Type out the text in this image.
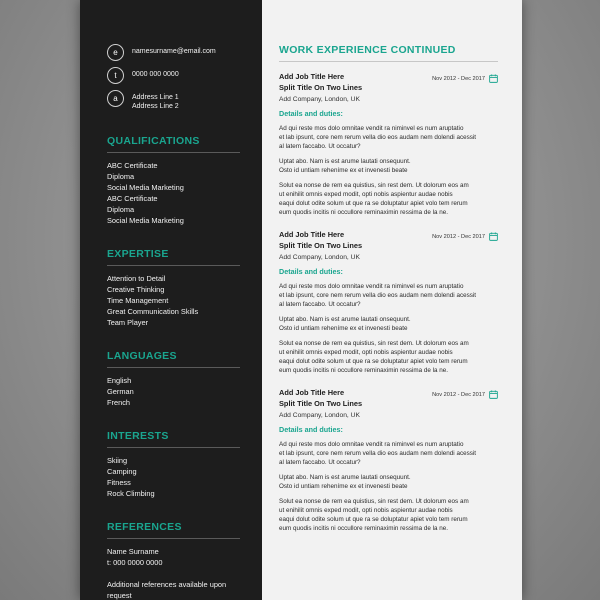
e	namesurname@email.com
t	0000 000 0000
a	Address Line 1
Address Line 2
QUALIFICATIONS
ABC Certificate
Diploma
Social Media Marketing
ABC Certificate
Diploma
Social Media Marketing
EXPERTISE
Attention to Detail
Creative Thinking
Time Management
Great Communication Skills
Team Player
LANGUAGES
English
German
French
INTERESTS
Skiing
Camping
Fitness
Rock Climbing
REFERENCES
Name Surname
t: 000 0000 0000
Additional references available upon
request
WORK EXPERIENCE CONTINUED
Add Job Title Here
Split Title On Two Lines
Nov 2012 - Dec 2017
Add Company, London, UK
Details and duties:
Ad qui reste mos dolo omnitae vendit ra niminvel es num aruptatio
et lab ipsunt, core nem rerum vella dio eos audam nem dolendi acessit
al latem faccabo. Ut occatur?
Uptat abo. Nam is est arume lautati onsequunt.
Osto id untiam reheníme ex et invenesti beate
Solut ea nonse de rem ea quistius, sin rest dem. Ut dolorum eos am
ut enihilit omnis exped modit, opti nobis aspientur audae nobis
eaqui dolut odite solum ut que ra se doluptatur apiet volo tem rerum
eum quodis incitis ni occullore reminaximin ressima de la ne.
Add Job Title Here
Split Title On Two Lines
Nov 2012 - Dec 2017
Add Company, London, UK
Details and duties:
Ad qui reste mos dolo omnitae vendit ra niminvel es num aruptatio
et lab ipsunt, core nem rerum vella dio eos audam nem dolendi acessit
al latem faccabo. Ut occatur?
Uptat abo. Nam is est arume lautati onsequunt.
Osto id untiam reheníme ex et invenesti beate
Solut ea nonse de rem ea quistius, sin rest dem. Ut dolorum eos am
ut enihilit omnis exped modit, opti nobis aspientur audae nobis
eaqui dolut odite solum ut que ra se doluptatur apiet volo tem rerum
eum quodis incitis ni occullore reminaximin ressima de la ne.
Add Job Title Here
Split Title On Two Lines
Nov 2012 - Dec 2017
Add Company, London, UK
Details and duties:
Ad qui reste mos dolo omnitae vendit ra niminvel es num aruptatio
et lab ipsunt, core nem rerum vella dio eos audam nem dolendi acessit
al latem faccabo. Ut occatur?
Uptat abo. Nam is est arume lautati onsequunt.
Osto id untiam reheníme ex et invenesti beate
Solut ea nonse de rem ea quistius, sin rest dem. Ut dolorum eos am
ut enihilit omnis exped modit, opti nobis aspientur audae nobis
eaqui dolut odite solum ut que ra se doluptatur apiet volo tem rerum
eum quodis incitis ni occullore reminaximin ressima de la ne.
